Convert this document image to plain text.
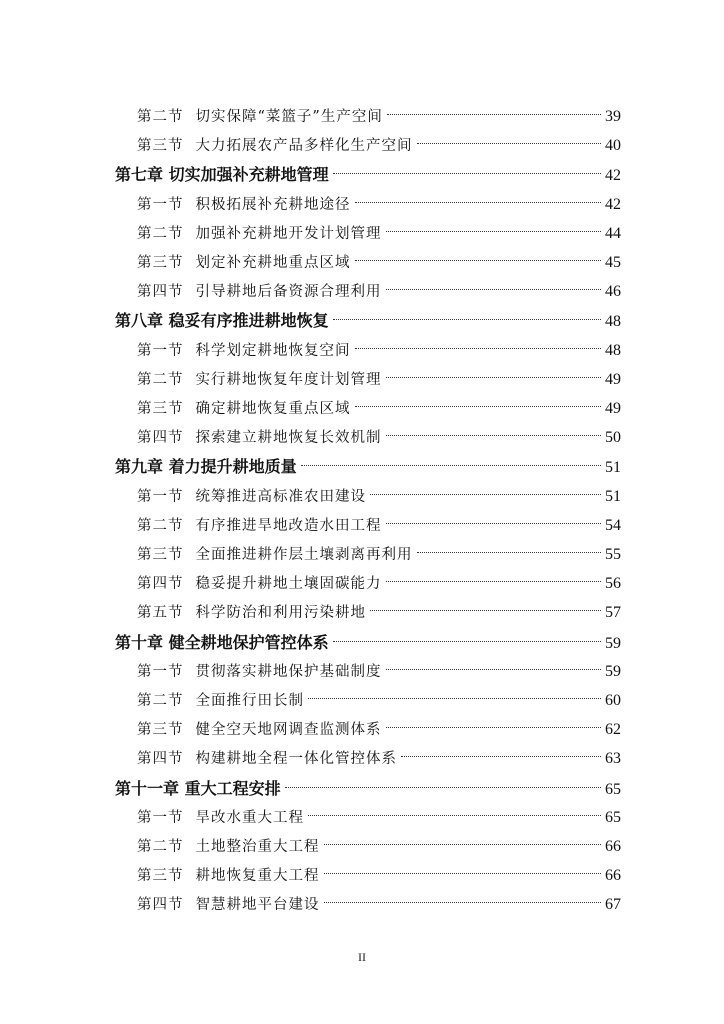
第二节 切实保障“菜篮子”生产空间	39
第三节 大力拓展农产品多样化生产空间	40
第七章 切实加强补充耕地管理	42
第一节 积极拓展补充耕地途径	42
第二节 加强补充耕地开发计划管理	44
第三节 划定补充耕地重点区域	45
第四节 引导耕地后备资源合理利用	46
第八章 稳妥有序推进耕地恢复	48
第一节 科学划定耕地恢复空间	48
第二节 实行耕地恢复年度计划管理	49
第三节 确定耕地恢复重点区域	49
第四节 探索建立耕地恢复长效机制	50
第九章 着力提升耕地质量	51
第一节 统筹推进高标准农田建设	51
第二节 有序推进旱地改造水田工程	54
第三节 全面推进耕作层土壤剥离再利用	55
第四节 稳妥提升耕地土壤固碳能力	56
第五节 科学防治和利用污染耕地	57
第十章 健全耕地保护管控体系	59
第一节 贯彻落实耕地保护基础制度	59
第二节 全面推行田长制	60
第三节 健全空天地网调查监测体系	62
第四节 构建耕地全程一体化管控体系	63
第十一章 重大工程安排	65
第一节 旱改水重大工程	65
第二节 土地整治重大工程	66
第三节 耕地恢复重大工程	66
第四节 智慧耕地平台建设	67
II
